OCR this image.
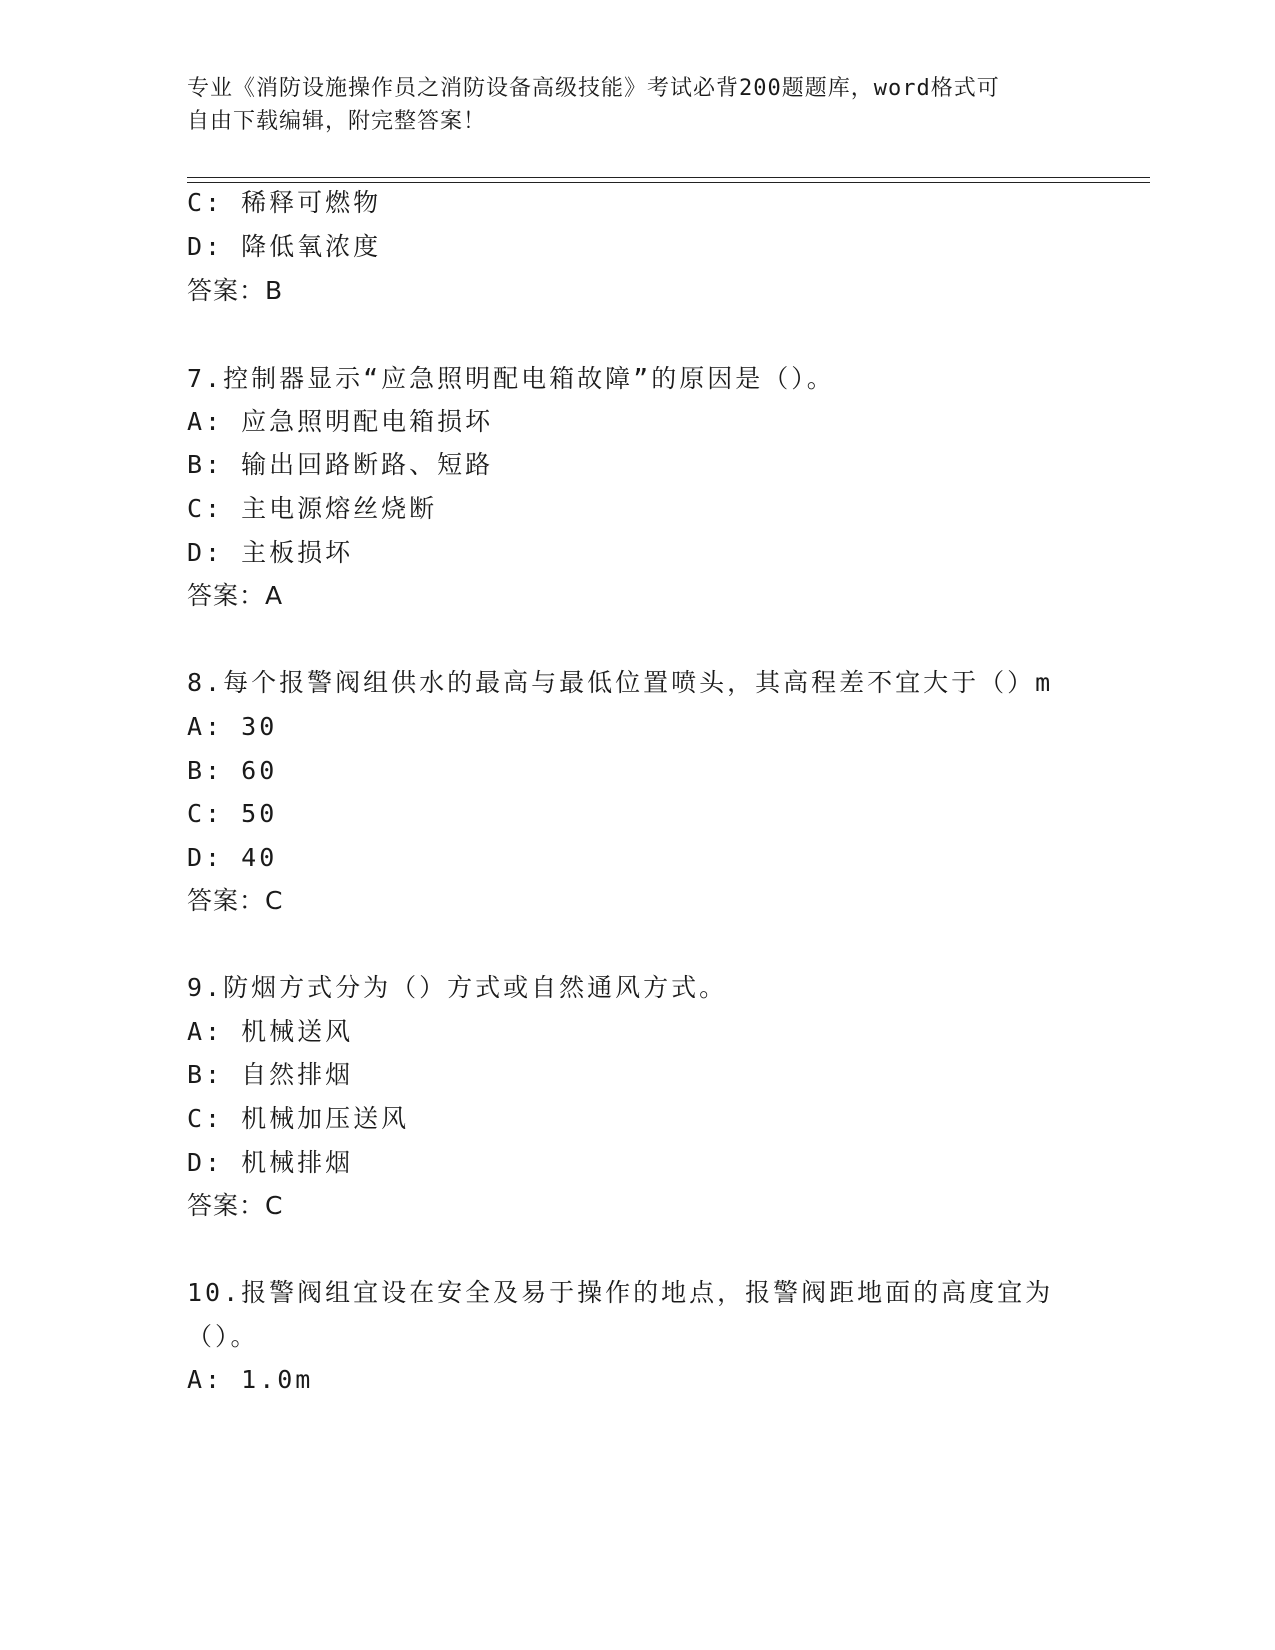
专业《消防设施操作员之消防设备高级技能》考试必背200题题库，word格式可

自由下载编辑，附完整答案！

C: 稀释可燃物
D: 降低氧浓度
答案：B
7.控制器显示“应急照明配电箱故障”的原因是（）。
A: 应急照明配电箱损坏
B: 输出回路断路、短路
C: 主电源熔丝烧断
D: 主板损坏
答案：A
8.每个报警阀组供水的最高与最低位置喷头，其高程差不宜大于（）m
A: 30
B: 60
C: 50
D: 40
答案：C
9.防烟方式分为（）方式或自然通风方式。
A: 机械送风
B: 自然排烟
C: 机械加压送风
D: 机械排烟
答案：C
10.报警阀组宜设在安全及易于操作的地点，报警阀距地面的高度宜为
（）。
A: 1.0m
